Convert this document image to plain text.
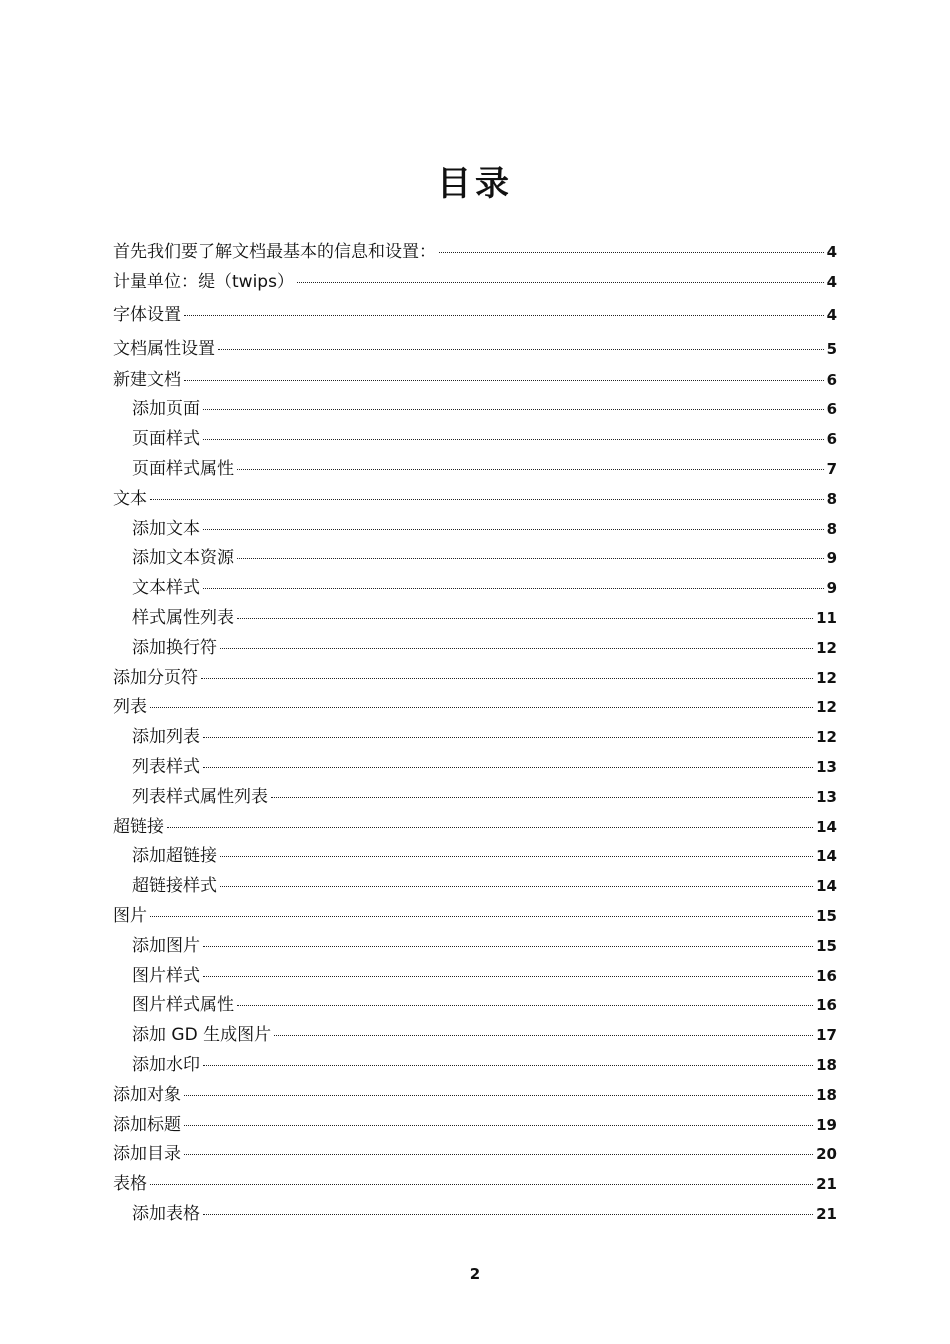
目录
首先我们要了解文档最基本的信息和设置：	4
计量单位：缇（twips）	4
字体设置	4
文档属性设置	5
新建文档	6
添加页面	6
页面样式	6
页面样式属性	7
文本	8
添加文本	8
添加文本资源	9
文本样式	9
样式属性列表	11
添加换行符	12
添加分页符	12
列表	12
添加列表	12
列表样式	13
列表样式属性列表	13
超链接	14
添加超链接	14
超链接样式	14
图片	15
添加图片	15
图片样式	16
图片样式属性	16
添加 GD 生成图片	17
添加水印	18
添加对象	18
添加标题	19
添加目录	20
表格	21
添加表格	21
2
